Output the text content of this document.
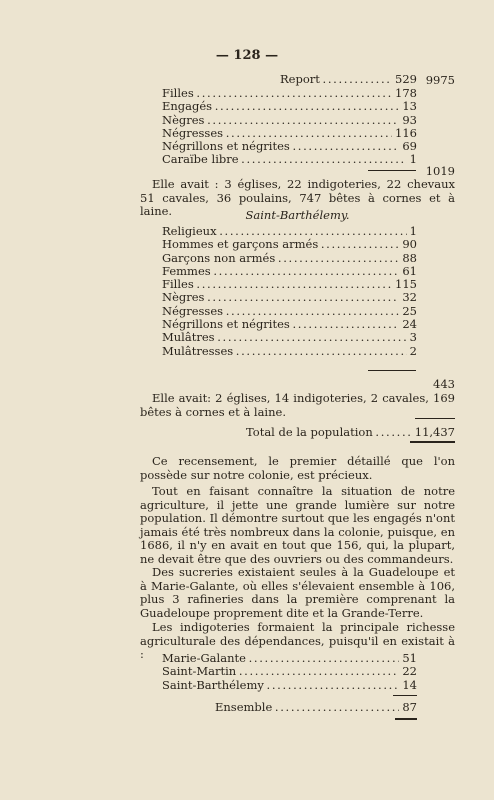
— 128 —
Report . . .	529 9975
Filles . . .	178
Engagés . . .	13
Nègres . . .	93
Négresses . . .	116
Négrillons et négrites . . .	69
Caraïbe libre . . .	1
1019
Elle avait : 3 églises, 22 indigoteries, 22 chevaux 51 cavales, 36 poulains, 747 bêtes à cornes et à laine.	Saint-Barthélemy.
Religieux . . .	1
Hommes et garçons armés . . .	90
Garçons non armés . . .	88
Femmes . . .	61
Filles . . .	115
Nègres . . .	32
Négresses . . .	25
Négrillons et négrites . . .	24
Mulâtres . . .	3
Mulâtresses . . .	2
443
Elle avait: 2 églises, 14 indigoteries, 2 cavales, 169 bêtes à cornes et à laine.
Total de la population . . .	11,437
Ce recensement, le premier détaillé que l'on possède sur notre colonie, est précieux.
Tout en faisant connaître la situation de notre agriculture, il jette une grande lumière sur notre population. Il démontre surtout que les engagés n'ont jamais été très nombreux dans la colonie, puisque, en 1686, il n'y en avait en tout que 156, qui, la plupart, ne devait être que des ouvriers ou des commandeurs.
Des sucreries existaient seules à la Guadeloupe et à Marie-Galante, où elles s'élevaient ensemble à 106, plus 3 rafineries dans la première comprenant la Guadeloupe proprement dite et la Grande-Terre.
Les indigoteries formaient la principale richesse agriculturale des dépendances, puisqu'il en existait à :	Marie-Galante . . .	51
Saint-Martin . . .	22
Saint-Barthélemy . . .	14
Ensemble . . .	87
